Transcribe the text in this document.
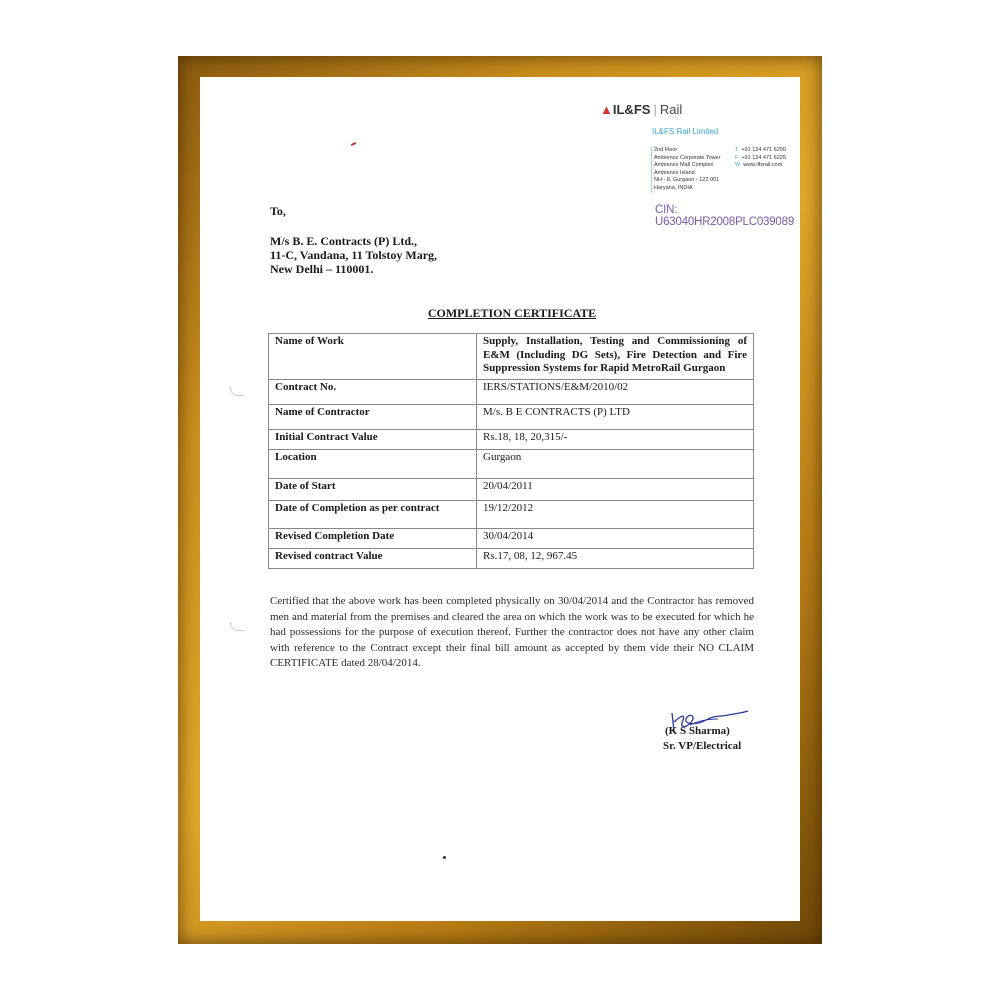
▲IL&FS | Rail
IL&FS Rail Limited
2nd Floor
Ambience Corporate Tower
Ambience Mall Complex
Ambience Island
NH - 8, Gurgaon - 122 001
Haryana, INDIA
T +91 124 471 6200
F +91 124 471 6225
W www.ilfsrail.com
CIN: U63040HR2008PLC039089
To,
M/s B. E. Contracts (P) Ltd.,
11-C, Vandana, 11 Tolstoy Marg,
New Delhi – 110001.
COMPLETION CERTIFICATE
Name of Work	Supply, Installation, Testing and Commissioning of E&M (Including DG Sets), Fire Detection and Fire Suppression Systems for Rapid MetroRail Gurgaon
Contract No.	IERS/STATIONS/E&M/2010/02
Name of Contractor	M/s. B E CONTRACTS (P) LTD
Initial Contract Value	Rs.18, 18, 20,315/-
Location	Gurgaon
Date of Start	20/04/2011
Date of Completion as per contract	19/12/2012
Revised Completion Date	30/04/2014
Revised contract Value	Rs.17, 08, 12, 967.45
Certified that the above work has been completed physically on 30/04/2014 and the Contractor has removed men and material from the premises and cleared the area on which the work was to be executed for which he had possessions for the purpose of execution thereof. Further the contractor does not have any other claim with reference to the Contract except their final bill amount as accepted by them vide their NO CLAIM CERTIFICATE dated 28/04/2014.
(K S Sharma)
Sr. VP/Electrical
